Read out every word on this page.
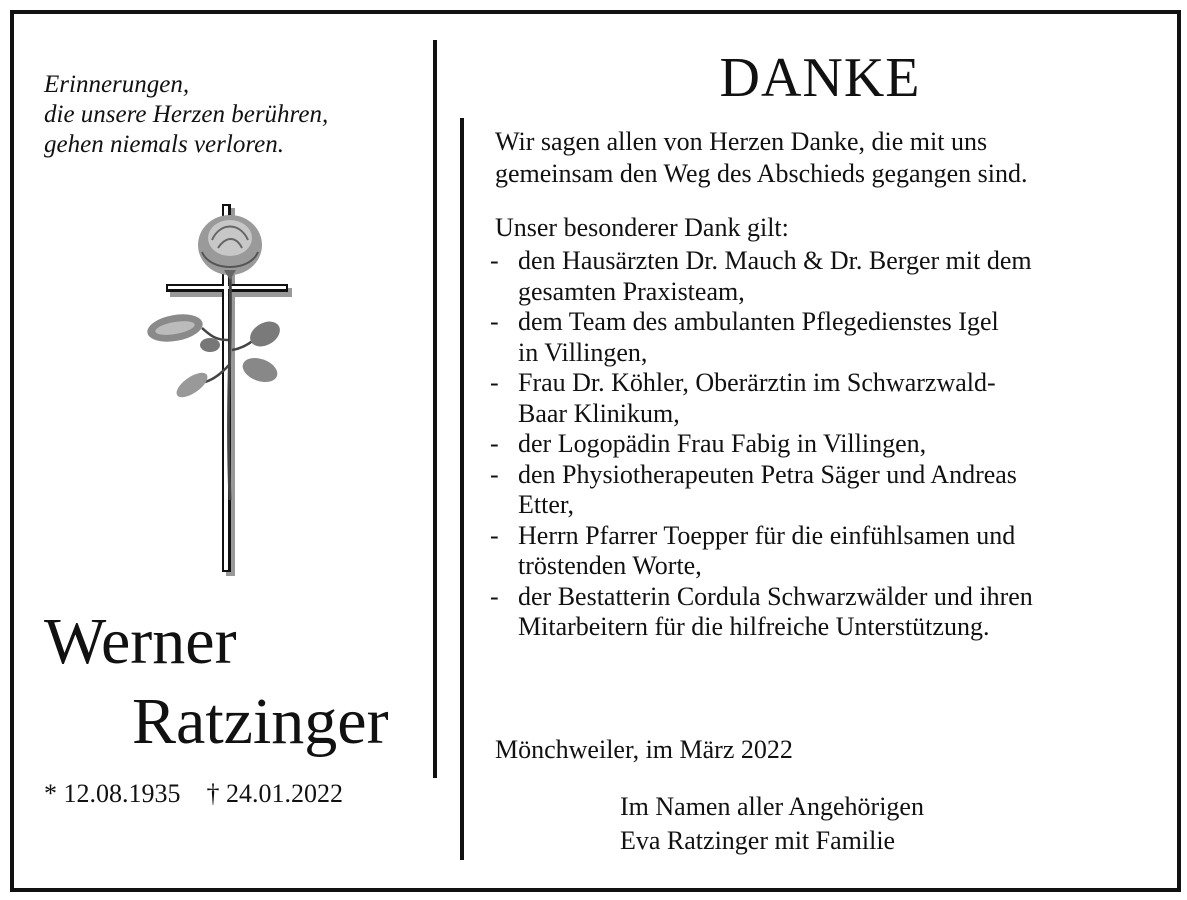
Erinnerungen,
die unsere Herzen berühren,
gehen niemals verloren.
Werner
Ratzinger
* 12.08.1935 † 24.01.2022
DANKE
Wir sagen allen von Herzen Danke, die mit uns
gemeinsam den Weg des Abschieds gegangen sind.
Unser besonderer Dank gilt:
- den Hausärzten Dr. Mauch & Dr. Berger mit dem
gesamten Praxisteam,
- dem Team des ambulanten Pflegedienstes Igel
in Villingen,
- Frau Dr. Köhler, Oberärztin im Schwarzwald-
Baar Klinikum,
- der Logopädin Frau Fabig in Villingen,
- den Physiotherapeuten Petra Säger und Andreas
Etter,
- Herrn Pfarrer Toepper für die einfühlsamen und
tröstenden Worte,
- der Bestatterin Cordula Schwarzwälder und ihren
Mitarbeitern für die hilfreiche Unterstützung.
Mönchweiler, im März 2022
Im Namen aller Angehörigen
Eva Ratzinger mit Familie
